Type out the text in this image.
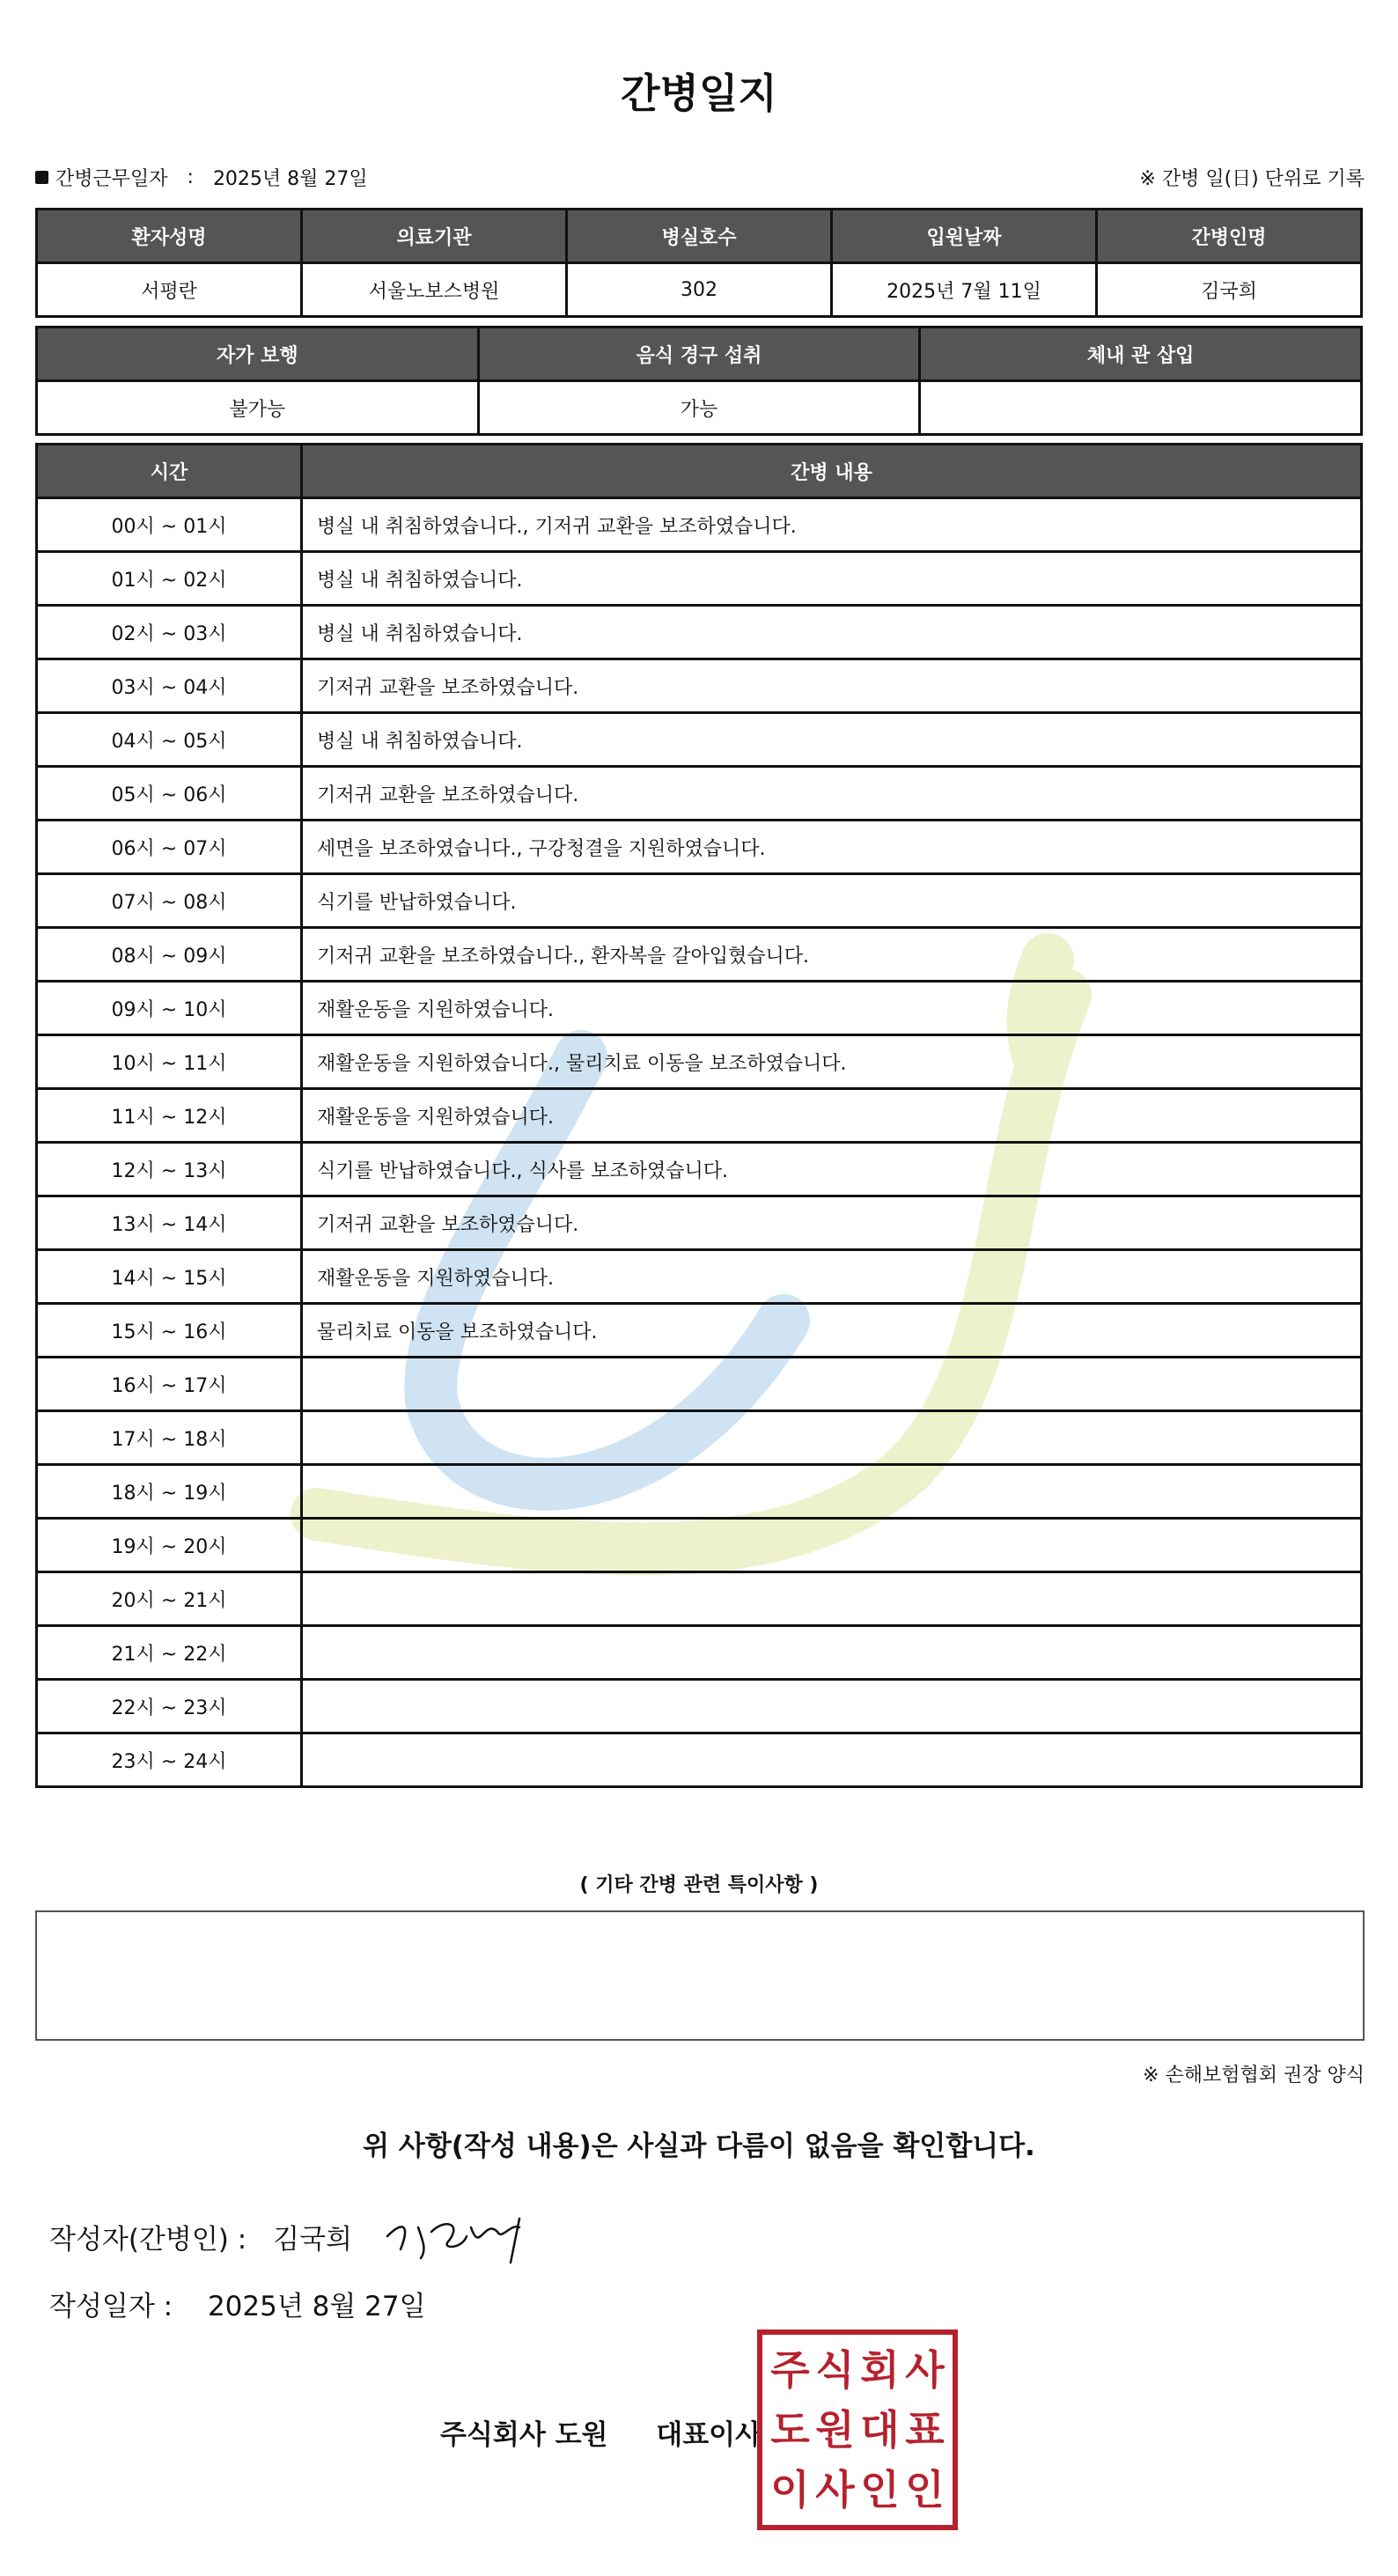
간병일지
간병근무일자 : 2025년 8월 27일	※ 간병 일(日) 단위로 기록
환자성명	의료기관	병실호수	입원날짜	간병인명
서평란	서울노보스병원	302	2025년 7월 11일	김국희
자가 보행	음식 경구 섭취	체내 관 삽입
불가능	가능	
시간	간병 내용
00시 ~ 01시	병실 내 취침하였습니다., 기저귀 교환을 보조하였습니다.
01시 ~ 02시	병실 내 취침하였습니다.
02시 ~ 03시	병실 내 취침하였습니다.
03시 ~ 04시	기저귀 교환을 보조하였습니다.
04시 ~ 05시	병실 내 취침하였습니다.
05시 ~ 06시	기저귀 교환을 보조하였습니다.
06시 ~ 07시	세면을 보조하였습니다., 구강청결을 지원하였습니다.
07시 ~ 08시	식기를 반납하였습니다.
08시 ~ 09시	기저귀 교환을 보조하였습니다., 환자복을 갈아입혔습니다.
09시 ~ 10시	재활운동을 지원하였습니다.
10시 ~ 11시	재활운동을 지원하였습니다., 물리치료 이동을 보조하였습니다.
11시 ~ 12시	재활운동을 지원하였습니다.
12시 ~ 13시	식기를 반납하였습니다., 식사를 보조하였습니다.
13시 ~ 14시	기저귀 교환을 보조하였습니다.
14시 ~ 15시	재활운동을 지원하였습니다.
15시 ~ 16시	물리치료 이동을 보조하였습니다.
16시 ~ 17시	
17시 ~ 18시	
18시 ~ 19시	
19시 ~ 20시	
20시 ~ 21시	
21시 ~ 22시	
22시 ~ 23시	
23시 ~ 24시	
( 기타 간병 관련 특이사항 )
※ 손해보험협회 권장 양식
위 사항(작성 내용)은 사실과 다름이 없음을 확인합니다.
작성자(간병인) : 김국희
작성일자 : 2025년 8월 27일
주식회사 도원 대표이사
주 식 회 사
도 원 대 표
이 사 인 인
